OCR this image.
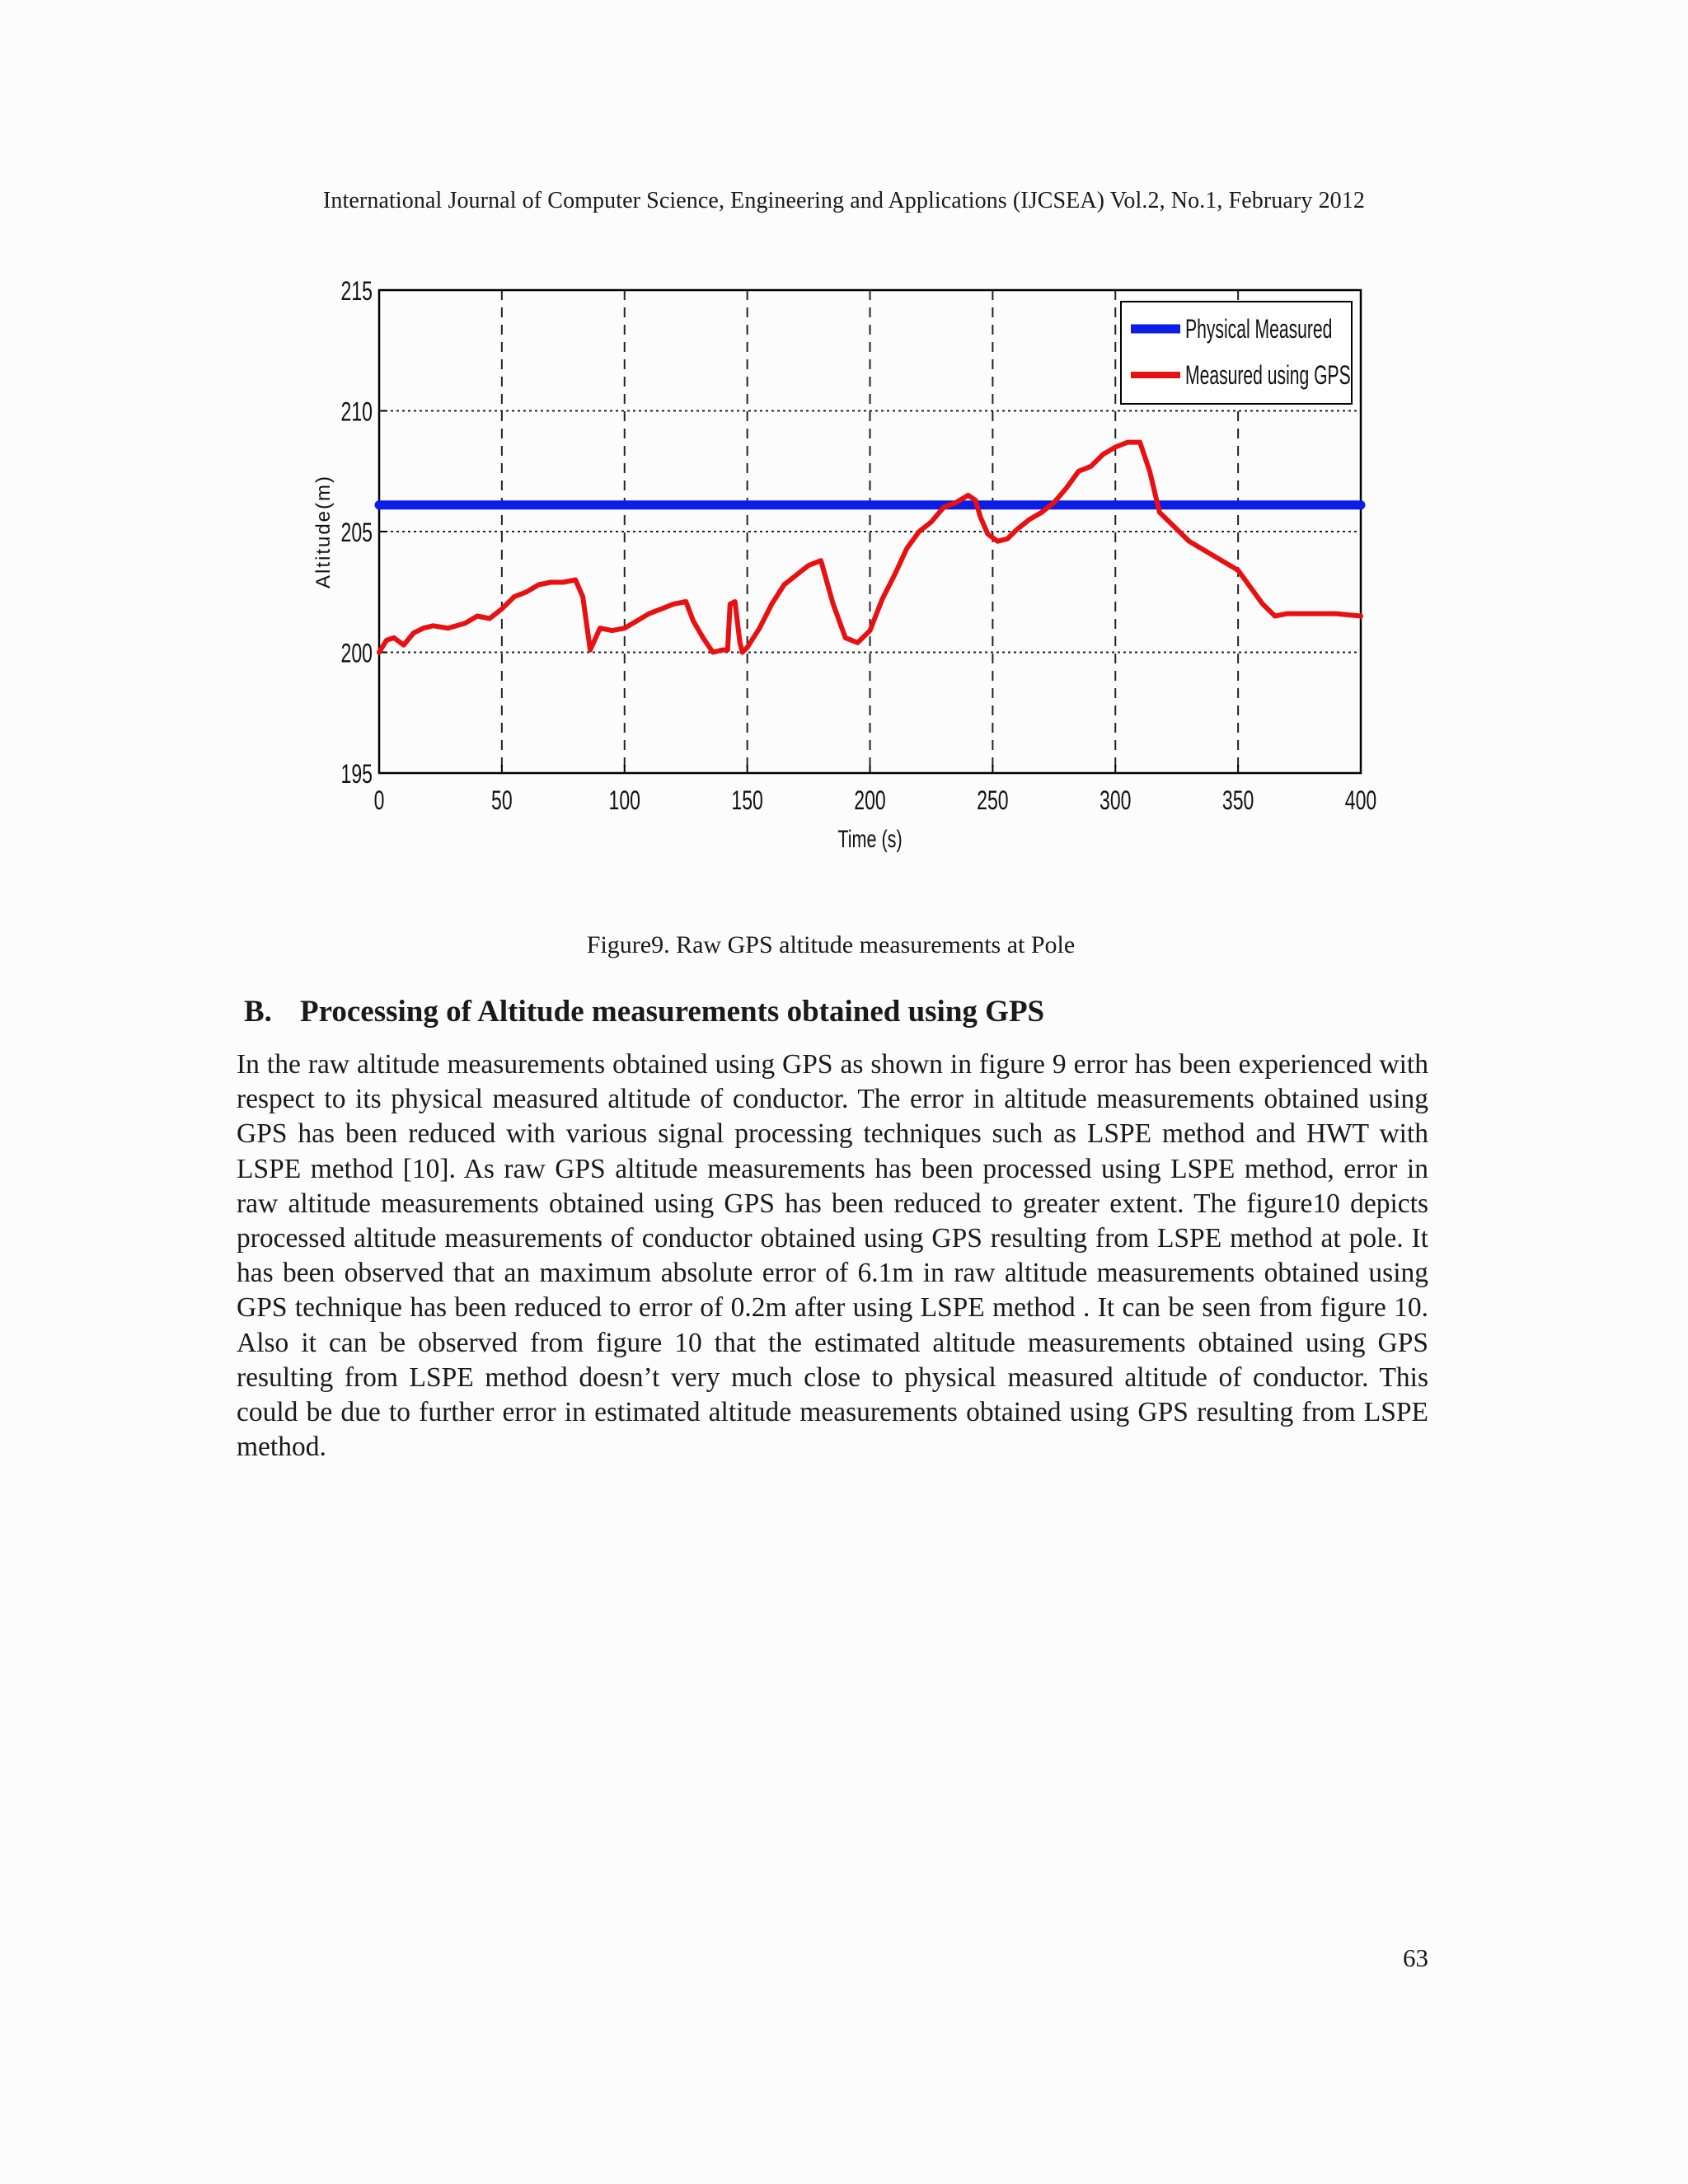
International Journal of Computer Science, Engineering and Applications (IJCSEA) Vol.2, No.1, February 2012
0	50	100	150	200	250	300	350	400
195
200
205
210
215
Physical Measured
Measured using GPS
Time (s)
Altitude(m)
Figure9. Raw GPS altitude measurements at Pole
B. Processing of Altitude measurements obtained using GPS
In the raw altitude measurements obtained using GPS as shown in figure 9 error has been experienced with respect to its physical measured altitude of conductor. The error in altitude measurements obtained using GPS has been reduced with various signal processing techniques such as LSPE method and HWT with LSPE method [10]. As raw GPS altitude measurements has been processed using LSPE method, error in raw altitude measurements obtained using GPS has been reduced to greater extent. The figure10 depicts processed altitude measurements of conductor obtained using GPS resulting from LSPE method at pole. It has been observed that an maximum absolute error of 6.1m in raw altitude measurements obtained using GPS technique has been reduced to error of 0.2m after using LSPE method . It can be seen from figure 10. Also it can be observed from figure 10 that the estimated altitude measurements obtained using GPS resulting from LSPE method doesn’t very much close to physical measured altitude of conductor. This could be due to further error in estimated altitude measurements obtained using GPS resulting from LSPE method.
63
